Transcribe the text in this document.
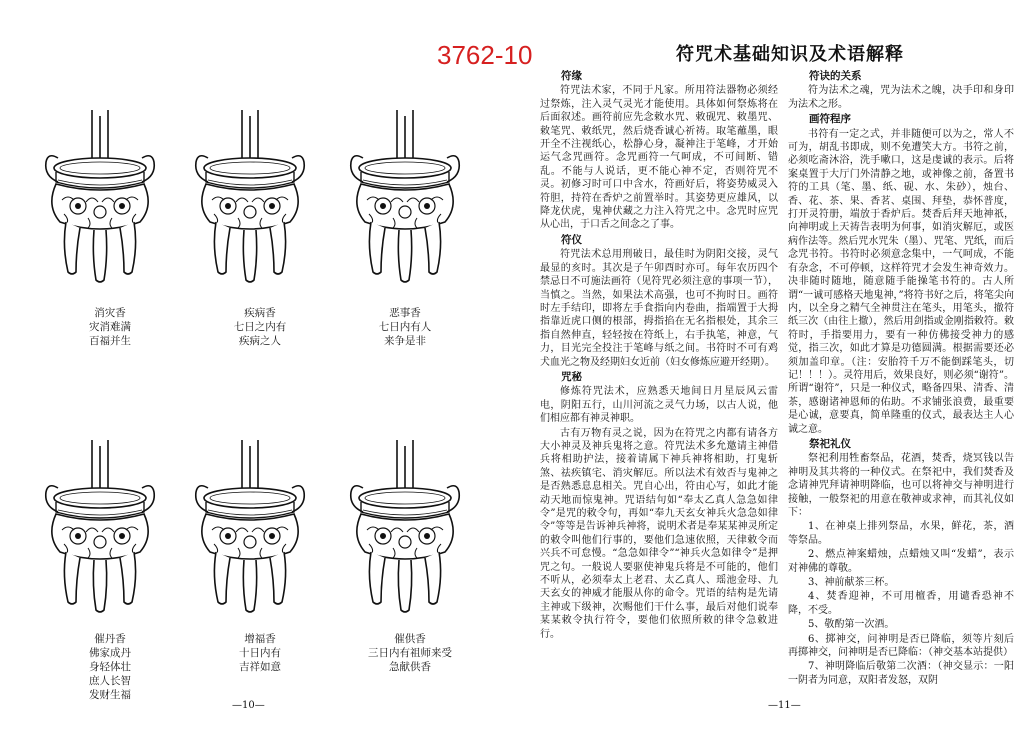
消灾香
灾消难满
百福并生
疾病香
七日之内有
疾病之人
恶事香
七日内有人
来争是非
催丹香
佛家成丹
身轻体壮
庶人长智
发财生福
增福香
十日内有
吉祥如意
催供香
三日内有祖师来受
急献供香
—10—
3762-10	符咒术基础知识及术语解释
符缘

符咒法术家，不同于凡家。所用符法器物必须经过祭炼，注入灵气灵光才能使用。具体如何祭炼将在后面叙述。画符前应先念敕水咒、敕砚咒、敕墨咒、敕笔咒、敕纸咒，然后烧香诚心祈祷。取笔蘸墨，眼开全不注视纸心，松静心身，凝神注于笔峰，才开始运气念咒画符。念咒画符一气呵成，不可间断、错乱。不能与人说话，更不能心神不定，否则符咒不灵。初修习时可口中含水，符画好后，将姿势威灵入符胆，持符在香炉之前置举时。其姿势更应雄风，以降龙伏虎，鬼神伏藏之力注入符咒之中。念咒时应咒从心出，于口舌之间念之了事。

符仪

符咒法术总用刑破日，最佳时为阴阳交接，灵气最显的亥时。其次是子午卯酉时亦可。每年农历四个禁忌日不可施法画符（见符咒必须注意的事项一节），当慎之。当然，如果法术高强，也可不拘时日。画符时左手结印，即将左手食指向内卷曲，指端置于大拇指靠近虎口侧的根部，拇指掐在无名指根处，其余三指自然伸直，轻轻按在符纸上，右手执笔，神意，气力，目光完全投注于笔峰与纸之间。书符时不可有鸡犬血光之物及经期妇女近前（妇女修炼应避开经期）。

咒秘

修炼符咒法术，应熟悉天地间日月星辰风云雷电，阴阳五行，山川河流之灵气力场，以古人说，他们相应都有神灵神职。

古有万物有灵之说，因为在符咒之内都有请各方大小神灵及神兵鬼将之意。符咒法术多允邀请主神借兵将相助护法，接着请属下神兵神将相助，打鬼斩煞、祛疾镇宅、消灾解厄。所以法术有效否与鬼神之是否熟悉息息相关。咒自心出，符由心写，如此才能动天地而惊鬼神。咒语结句如“奉太乙真人急急如律令”是咒的敕令句，再如“奉九天玄女神兵火急急如律令”等等是告诉神兵神将，说明术者是奉某某神灵所定的敕令叫他们行事的，要他们急速依照，天律敕令而兴兵不可怠慢。“急急如律令”“神兵火急如律令”是押咒之句。一般说人要驱使神鬼兵将是不可能的，他们不听从，必须奉太上老君、太乙真人、瑶池金母、九天玄女的神威才能服从你的命令。咒语的结构是先请主神或下级神，次赐他们干什么事，最后对他们说奉某某敕令执行符令，要他们依照所敕的律令急敕进行。

符诀的关系

符为法术之魂，咒为法术之魄，决手印和身印为法术之形。

画符程序

书符有一定之式，并非随便可以为之，常人不可为，胡乱书即成，则不免遭笑大方。书符之前，必须吃斋沐浴，洗手嗽口，这是虔诚的表示。后将案桌置于大厅门外清静之地，或神像之前，备置书符的工具（笔、墨、纸、砚、水、朱砂），烛台、香、花、茶、果、香茗、桌围、拜垫，恭怀普度，打开灵符册，端放于香炉后。焚香后拜天地神祇，向神明或上天祷告表明为何事，如消灾解厄，或医病作法等。然后咒水咒朱（墨）、咒笔、咒纸，而后念咒书符。书符时必须意念集中，一气呵成，不能有杂念，不可停顿，这样符咒才会发生神奇效力。决非随时随地，随意随手能操笔书符的。古人所谓“一诚可感格天地鬼神，”将符书好之后，将笔尖向内，以全身之精气全神贯注在笔头，用笔头，撤符纸三次（由往上撤），然后用剑指或金刚指敕符。敕符时，手指要用力，要有一种仿佛接受神力的感觉，指三次，如此才算是功德圆满。根据需要还必须加盖印章。（注：安胎符千万不能倒踩笔头，切记！！！）。灵符用后，效果良好，则必须“谢符”。所谓“谢符”，只是一种仪式，略备四果、清香、清茶，感谢诸神恩师的佑助。不求铺张浪费，最重要是心诚，意要真，简单隆重的仪式，最表达主人心诚之意。

祭祀礼仪

祭祀利用牲畜祭品，花酒，焚香，烧冥钱以告神明及其共将的一种仪式。在祭祀中，我们焚香及念请神咒拜请神明降临，也可以将神交与神明进行接触，一般祭祀的用意在敬神或求神，而其礼仪如下：

1、在神桌上排列祭品，水果，鲜花，茶，酒等祭品。

2、燃点神案蜡烛，点蜡烛又叫“发蜡”，表示对神佛的尊敬。

3、神前献茶三杯。

4、焚香迎神，不可用檀香，用谴香恐神不降，不受。

5、敬酌第一次酒。

6、掷神交，问神明是否已降临，须等片刻后再掷神交，问神明是否已降临：（神交基本站提供）

7、神明降临后敬第二次酒：（神交显示：一阳一阴者为同意，双阳者发怒，双阴

—11—
